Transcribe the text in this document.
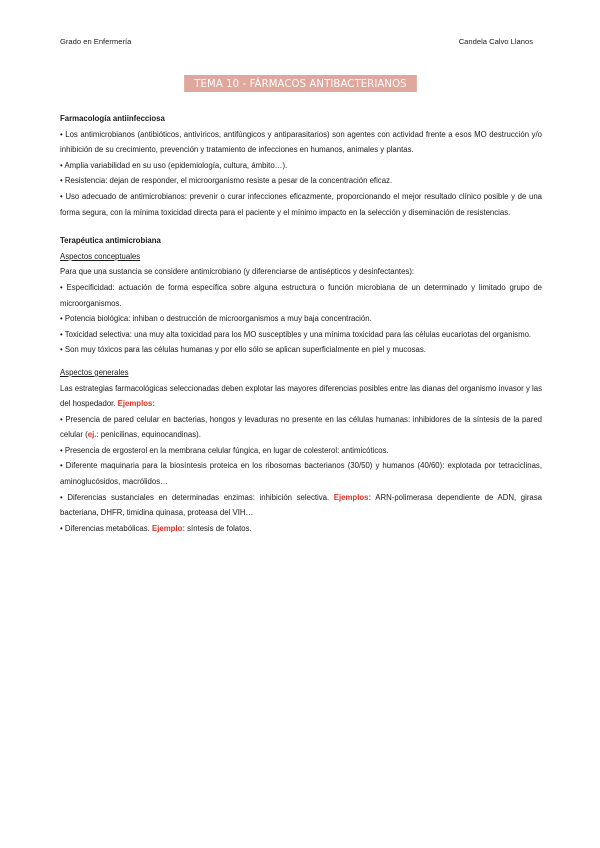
Grado en Enfermería	Candela Calvo Llanos
TEMA 10 - FÁRMACOS ANTIBACTERIANOS

Farmacología antiinfecciosa

• Los antimicrobianos (antibióticos, antivíricos, antifúngicos y antiparasitarios) son agentes con actividad frente a esos MO destrucción y/o inhibición de su crecimiento, prevención y tratamiento de infecciones en humanos, animales y plantas.

• Amplia variabilidad en su uso (epidemiología, cultura, ámbito…).

• Resistencia: dejan de responder, el microorganismo resiste a pesar de la concentración eficaz.

• Uso adecuado de antimicrobianos: prevenir o curar infecciones eficazmente, proporcionando el mejor resultado clínico posible y de una forma segura, con la mínima toxicidad directa para el paciente y el mínimo impacto en la selección y diseminación de resistencias.

Terapéutica antimicrobiana

Aspectos conceptuales

Para que una sustancia se considere antimicrobiano (y diferenciarse de antisépticos y desinfectantes):

• Especificidad: actuación de forma específica sobre alguna estructura o función microbiana de un determinado y limitado grupo de microorganismos.

• Potencia biológica: inhiban o destrucción de microorganismos a muy baja concentración.

• Toxicidad selectiva: una muy alta toxicidad para los MO susceptibles y una mínima toxicidad para las células eucariotas del organismo.

• Son muy tóxicos para las células humanas y por ello sólo se aplican superficialmente en piel y mucosas.

Aspectos generales

Las estrategias farmacológicas seleccionadas deben explotar las mayores diferencias posibles entre las dianas del organismo invasor y las del hospedador. Ejemplos:

• Presencia de pared celular en bacterias, hongos y levaduras no presente en las células humanas: inhibidores de la síntesis de la pared celular (ej.: penicilinas, equinocandinas).

• Presencia de ergosterol en la membrana celular fúngica, en lugar de colesterol: antimicóticos.

• Diferente maquinaria para la biosíntesis proteica en los ribosomas bacterianos (30/50) y humanos (40/60): explotada por tetraciclinas, aminoglucósidos, macrólidos…

• Diferencias sustanciales en determinadas enzimas: inhibición selectiva. Ejemplos: ARN-polimerasa dependiente de ADN, girasa bacteriana, DHFR, timidina quinasa, proteasa del VIH…

• Diferencias metabólicas. Ejemplo: síntesis de folatos.
